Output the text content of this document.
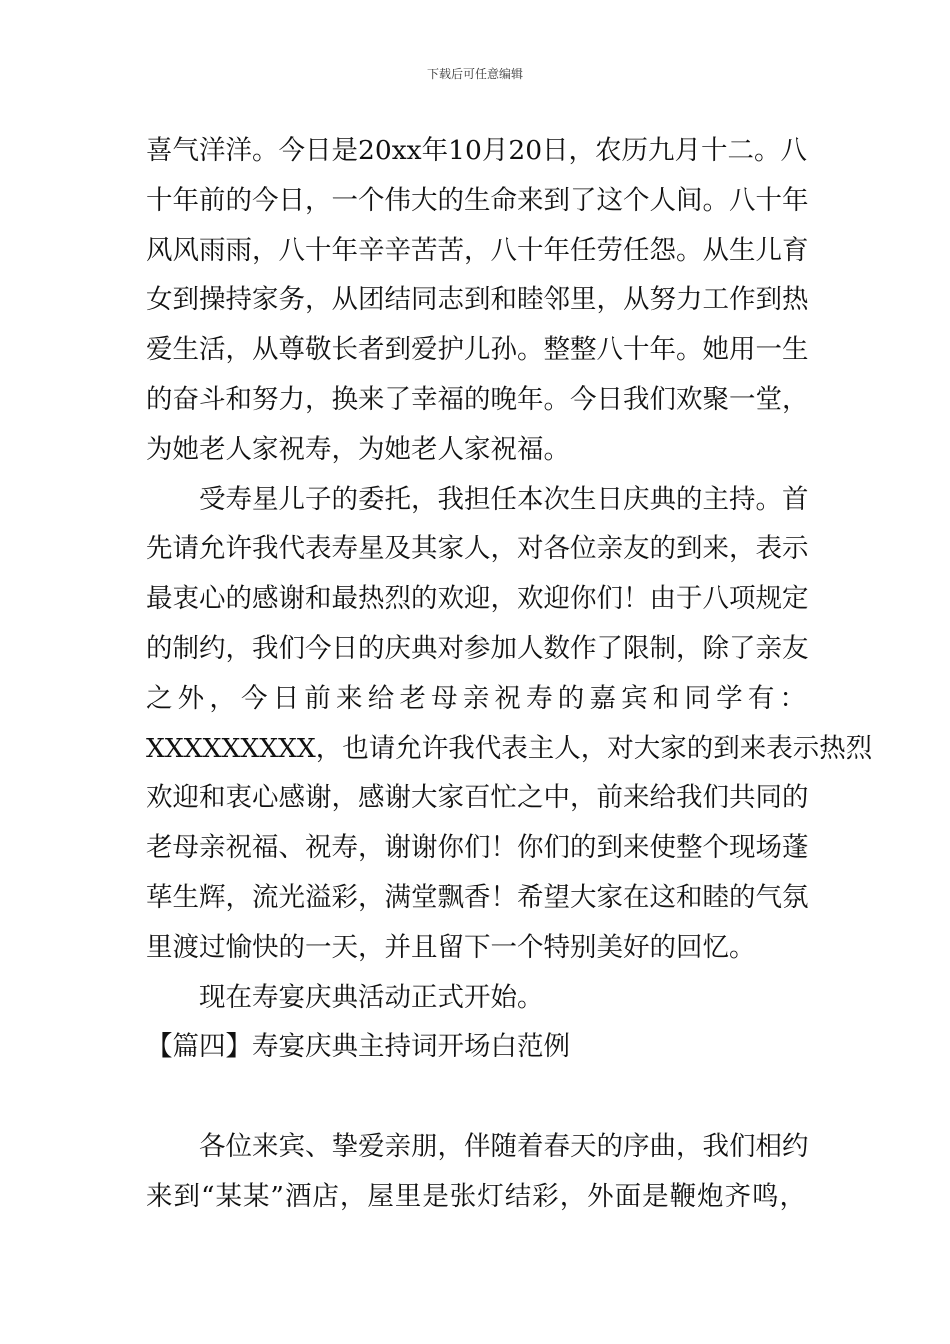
下载后可任意编辑
喜气洋洋。今日是20xx年10月20日，农历九月十二。八
十年前的今日，一个伟大的生命来到了这个人间。八十年
风风雨雨，八十年辛辛苦苦，八十年任劳任怨。从生儿育
女到操持家务，从团结同志到和睦邻里，从努力工作到热
爱生活，从尊敬长者到爱护儿孙。整整八十年。她用一生
的奋斗和努力，换来了幸福的晚年。今日我们欢聚一堂，
为她老人家祝寿，为她老人家祝福。
受寿星儿子的委托，我担任本次生日庆典的主持。首
先请允许我代表寿星及其家人，对各位亲友的到来，表示
最衷心的感谢和最热烈的欢迎，欢迎你们！由于八项规定
的制约，我们今日的庆典对参加人数作了限制，除了亲友
之外，今日前来给老母亲祝寿的嘉宾和同学有：
XXXXXXXXX，也请允许我代表主人，对大家的到来表示热烈
欢迎和衷心感谢，感谢大家百忙之中，前来给我们共同的
老母亲祝福、祝寿，谢谢你们！你们的到来使整个现场蓬
荜生辉，流光溢彩，满堂飘香！希望大家在这和睦的气氛
里渡过愉快的一天，并且留下一个特别美好的回忆。
现在寿宴庆典活动正式开始。
【篇四】寿宴庆典主持词开场白范例
各位来宾、挚爱亲朋，伴随着春天的序曲，我们相约
来到“某某”酒店，屋里是张灯结彩，外面是鞭炮齐鸣，
